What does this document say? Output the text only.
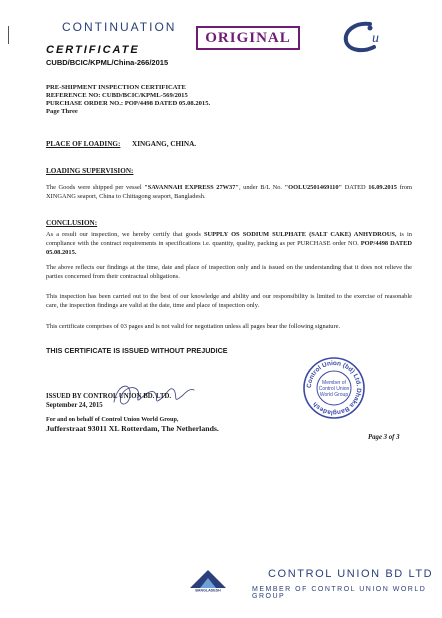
CONTINUATION
CERTIFICATE
CUBD/BCIC/KPML/China-266/2015
ORIGINAL	u
PRE-SHIPMENT INSPECTION CERTIFICATE
REFERENCE NO: CUBD/BCIC/KPML-569/2015
PURCHASE ORDER NO.: POP/4498 DATED 05.08.2015.
Page Three
PLACE OF LOADING: XINGANG, CHINA.
LOADING SUPERVISION:
The Goods were shipped per vessel "SAVANNAH EXPRESS 27W37", under B/L No. "OOLU2501469110" DATED 16.09.2015 from XINGANG seaport, China to Chittagong seaport, Bangladesh.
CONCLUSION:
As a result our inspection, we hereby certify that goods SUPPLY OS SODIUM SULPHATE (SALT CAKE) ANHYDROUS, is in compliance with the contract requirements in specifications i.e. quantity, quality, packing as per PURCHASE order NO. POP/4498 DATED 05.08.2015.
The above reflects our findings at the time, date and place of inspection only and is issued on the understanding that it does not relieve the parties concerned from their contractual obligations.
This inspection has been carried out to the best of our knowledge and ability and our responsibility is limited to the exercise of reasonable care, the inspection findings are valid at the date, time and place of inspection only.
This certificate comprises of 03 pages and is not valid for negotiation unless all pages bear the following signature.
THIS CERTIFICATE IS ISSUED WITHOUT PREJUDICE
Control Union (bd) Ltd. Dhaka Bangladesh
Member of
Control Union
World Group
ISSUED BY CONTROL UNION BD. LTD.
September 24, 2015
For and on behalf of Control Union World Group,
Jufferstraat 93011 XL Rotterdam, The Netherlands.
Page 3 of 3
BANGLADESH
CONTROL UNION BD LTD
MEMBER OF CONTROL UNION WORLD GROUP
